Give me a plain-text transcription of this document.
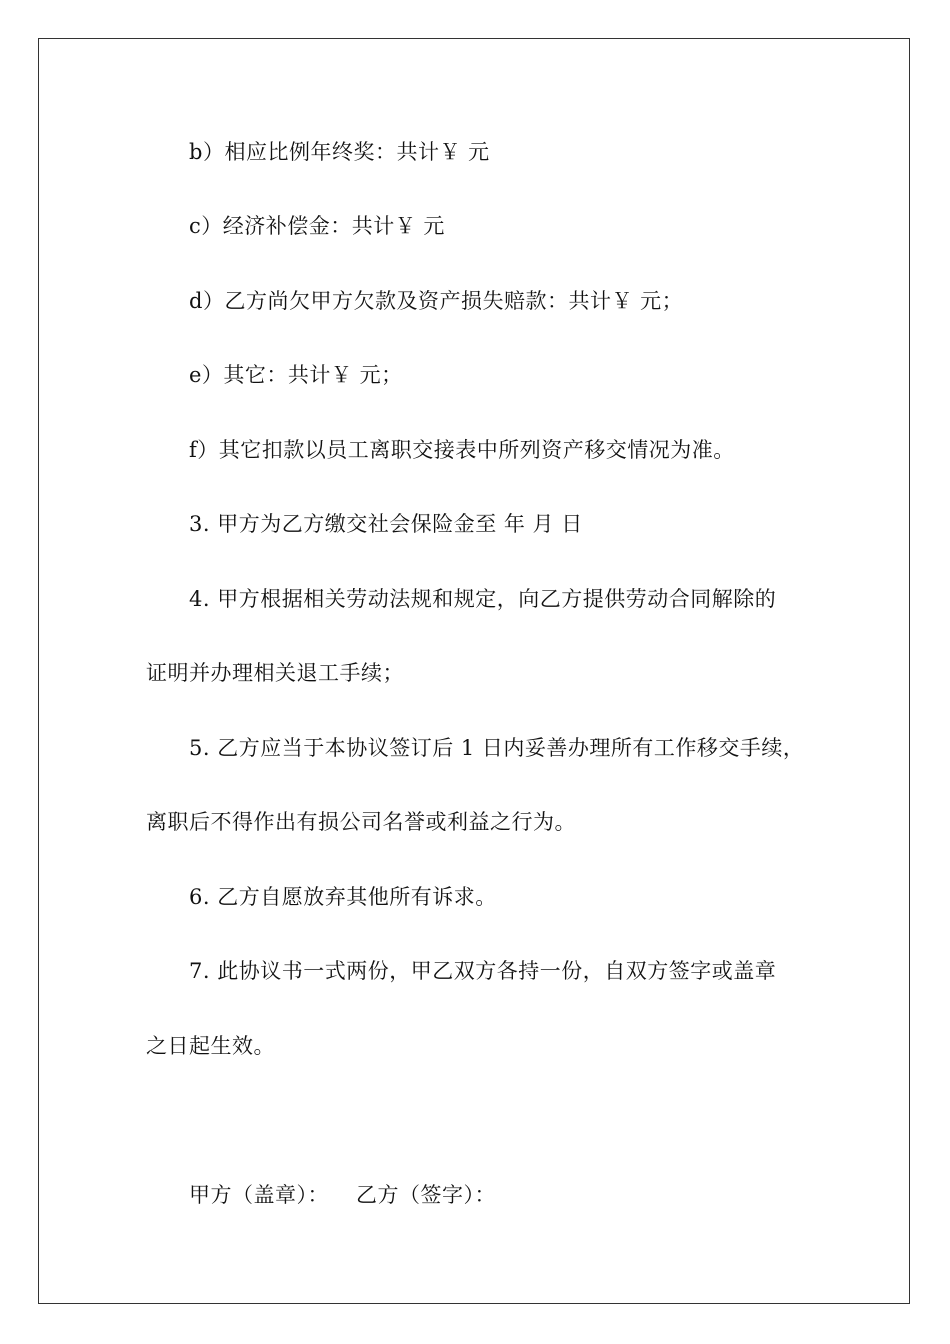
b）相应比例年终奖：共计￥ 元
c）经济补偿金：共计￥ 元
d）乙方尚欠甲方欠款及资产损失赔款：共计￥ 元；
e）其它：共计￥ 元；
f）其它扣款以员工离职交接表中所列资产移交情况为准。
3. 甲方为乙方缴交社会保险金至 年 月 日
4. 甲方根据相关劳动法规和规定，向乙方提供劳动合同解除的
证明并办理相关退工手续；
5. 乙方应当于本协议签订后 1 日内妥善办理所有工作移交手续，
离职后不得作出有损公司名誉或利益之行为。
6. 乙方自愿放弃其他所有诉求。
7. 此协议书一式两份，甲乙双方各持一份，自双方签字或盖章
之日起生效。
甲方（盖章）： 乙方（签字）：
